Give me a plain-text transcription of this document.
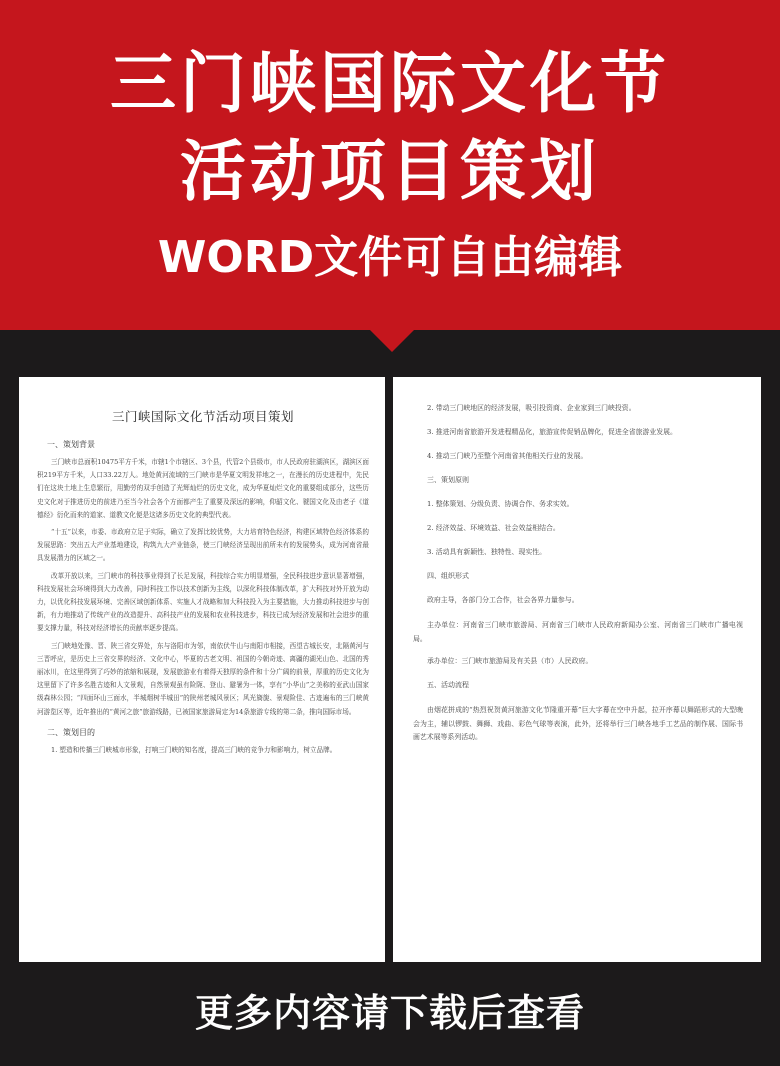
三门峡国际文化节
活动项目策划
WORD文件可自由编辑
三门峡国际文化节活动项目策划
一、策划背景

三门峡市总面积10475平方千米，市辖1个市辖区、3个县，代管2个县级市，市人民政府驻湖滨区，湖滨区面积219平方千米，人口33.22万人。地处黄河流域的三门峡市是华夏文明发祥地之一，在漫长的历史进程中，先民们在这块土地上生息繁衍，用勤劳的双手创造了光辉灿烂的历史文化，成为华夏灿烂文化的重要组成部分，这些历史文化对于推进历史的前进乃至当今社会各个方面都产生了重要及深远的影响，仰韶文化、虢国文化及由老子《道德经》衍化而来的道家、道教文化便是这诸多历史文化的典型代表。

“十五”以来，市委、市政府立足于实际，确立了发挥比较优势，大力培育特色经济，构建区域特色经济体系的发展思路：突出五大产业基地建设，构筑九大产业链条，使三门峡经济呈现出前所未有的发展势头，成为河南省最具发展潜力的区域之一。

改革开放以来，三门峡市的科技事业得到了长足发展，科技综合实力明显增强，全民科技进步意识显著增强，科技发展社会环境得到大力改善，同时科技工作以技术创新为主线，以深化科技体制改革，扩大科技对外开放为动力，以优化科技发展环境、完善区域创新体系、实施人才战略和加大科技投入为主要措施，大力推动科技进步与创新，有力地推动了传统产业的改造提升、高科技产业的发展和农业科技进步，科技已成为经济发展和社会进步的重要支撑力量，科技对经济增长的贡献率逐步提高。

三门峡地处豫、晋、陕三省交界处，东与洛阳市为邻，南依伏牛山与南阳市相接，西望古城长安，北隔黄河与三晋呼应，是历史上三省交界的经济、文化中心，毕夏的古老文明、祖国的今朝奇迹、离疆的湖光山色、北国的秀丽冰川，在这里得到了巧妙的浓缩和展现，发展旅游业有着得天独厚的条件和十分广阔的前景，厚重的历史文化为这里留下了许多名胜古迹和人文景观，自然景观虽有险阨、登山、避暑为一体，享有“小华山”之美称的亚武山国家级森林公园；“四面环山三面水，半城烟树半城田”的陕州老城风景区；风光旖旎、景观险佳、古迹遍布的三门峡黄河游览区等，近年推出的“黄河之旅”旅游线路，已被国家旅游局定为14条旅游专线的第二条，推向国际市场。

二、策划目的

1. 塑造和传播三门峡城市形象，打响三门峡的知名度，提高三门峡的竞争力和影响力，树立品牌。

2. 带动三门峡地区的经济发展，吸引投资商、企业家到三门峡投资。
3. 推进河南省旅游开发进程精品化，旅游宣传促销品牌化，促进全省旅游业发展。
4. 推动三门峡乃至整个河南省其他相关行业的发展。
三、策划原则
1. 整体策划、分级负责、协调合作、务求实效。
2. 经济效益、环境效益、社会效益相结合。
3. 活动具有新颖性、独特性、现实性。
四、组织形式
政府主导，各部门分工合作，社会各界力量参与。

主办单位：河南省三门峡市旅游局、河南省三门峡市人民政府新闻办公室、河南省三门峡市广播电视局。

承办单位：三门峡市旅游局及有关县（市）人民政府。
五、活动流程

由烟花拼成的“热烈祝贺黄河旅游文化节隆重开幕”巨大字幕在空中升起，拉开序幕以舞蹈形式的大型晚会为主，辅以锣鼓、舞狮、戏曲、彩色气球等表演，此外，还将举行三门峡各地手工艺品的制作展、国际书画艺术展等系列活动。

更多内容请下载后查看
